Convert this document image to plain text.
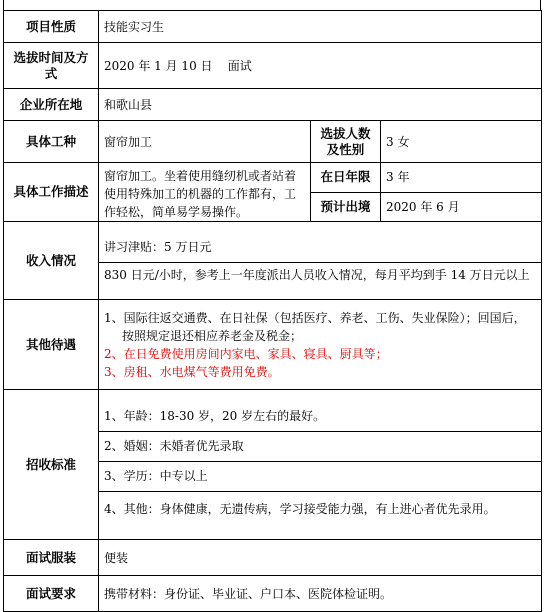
项目性质	技能实习生		
选拔时间及方式	2020 年 1 月 10 日    面试		
企业所在地	和歌山县		
具体工种	窗帘加工	选拔人数及性别	3 女
具体工作描述	窗帘加工。坐着使用缝纫机或者站着使用特殊加工的机器的工作都有，工作轻松，简单易学易操作。	在日年限	3 年
		预计出境	2020 年 6 月
收入情况	讲习津贴：5 万日元
830 日元/小时，参考上一年度派出人员收入情况，每月平均到手 14 万日元以上		

其他待遇	1、国际往返交通费、在日社保（包括医疗、养老、工伤、失业保险）；回国后，
按照规定退还相应养老金及税金；
2、在日免费使用房间内家电、家具、寝具、厨具等；
3、房租、水电煤气等费用免费。		

招收标准	1、年龄：18-30 岁，20 岁左右的最好。
2、婚姻：未婚者优先录取
3、学历：中专以上
4、其他：身体健康，无遗传病，学习接受能力强，有上进心者优先录用。		

面试服装	便装		
面试要求	携带材料：身份证、毕业证、户口本、医院体检证明。		
